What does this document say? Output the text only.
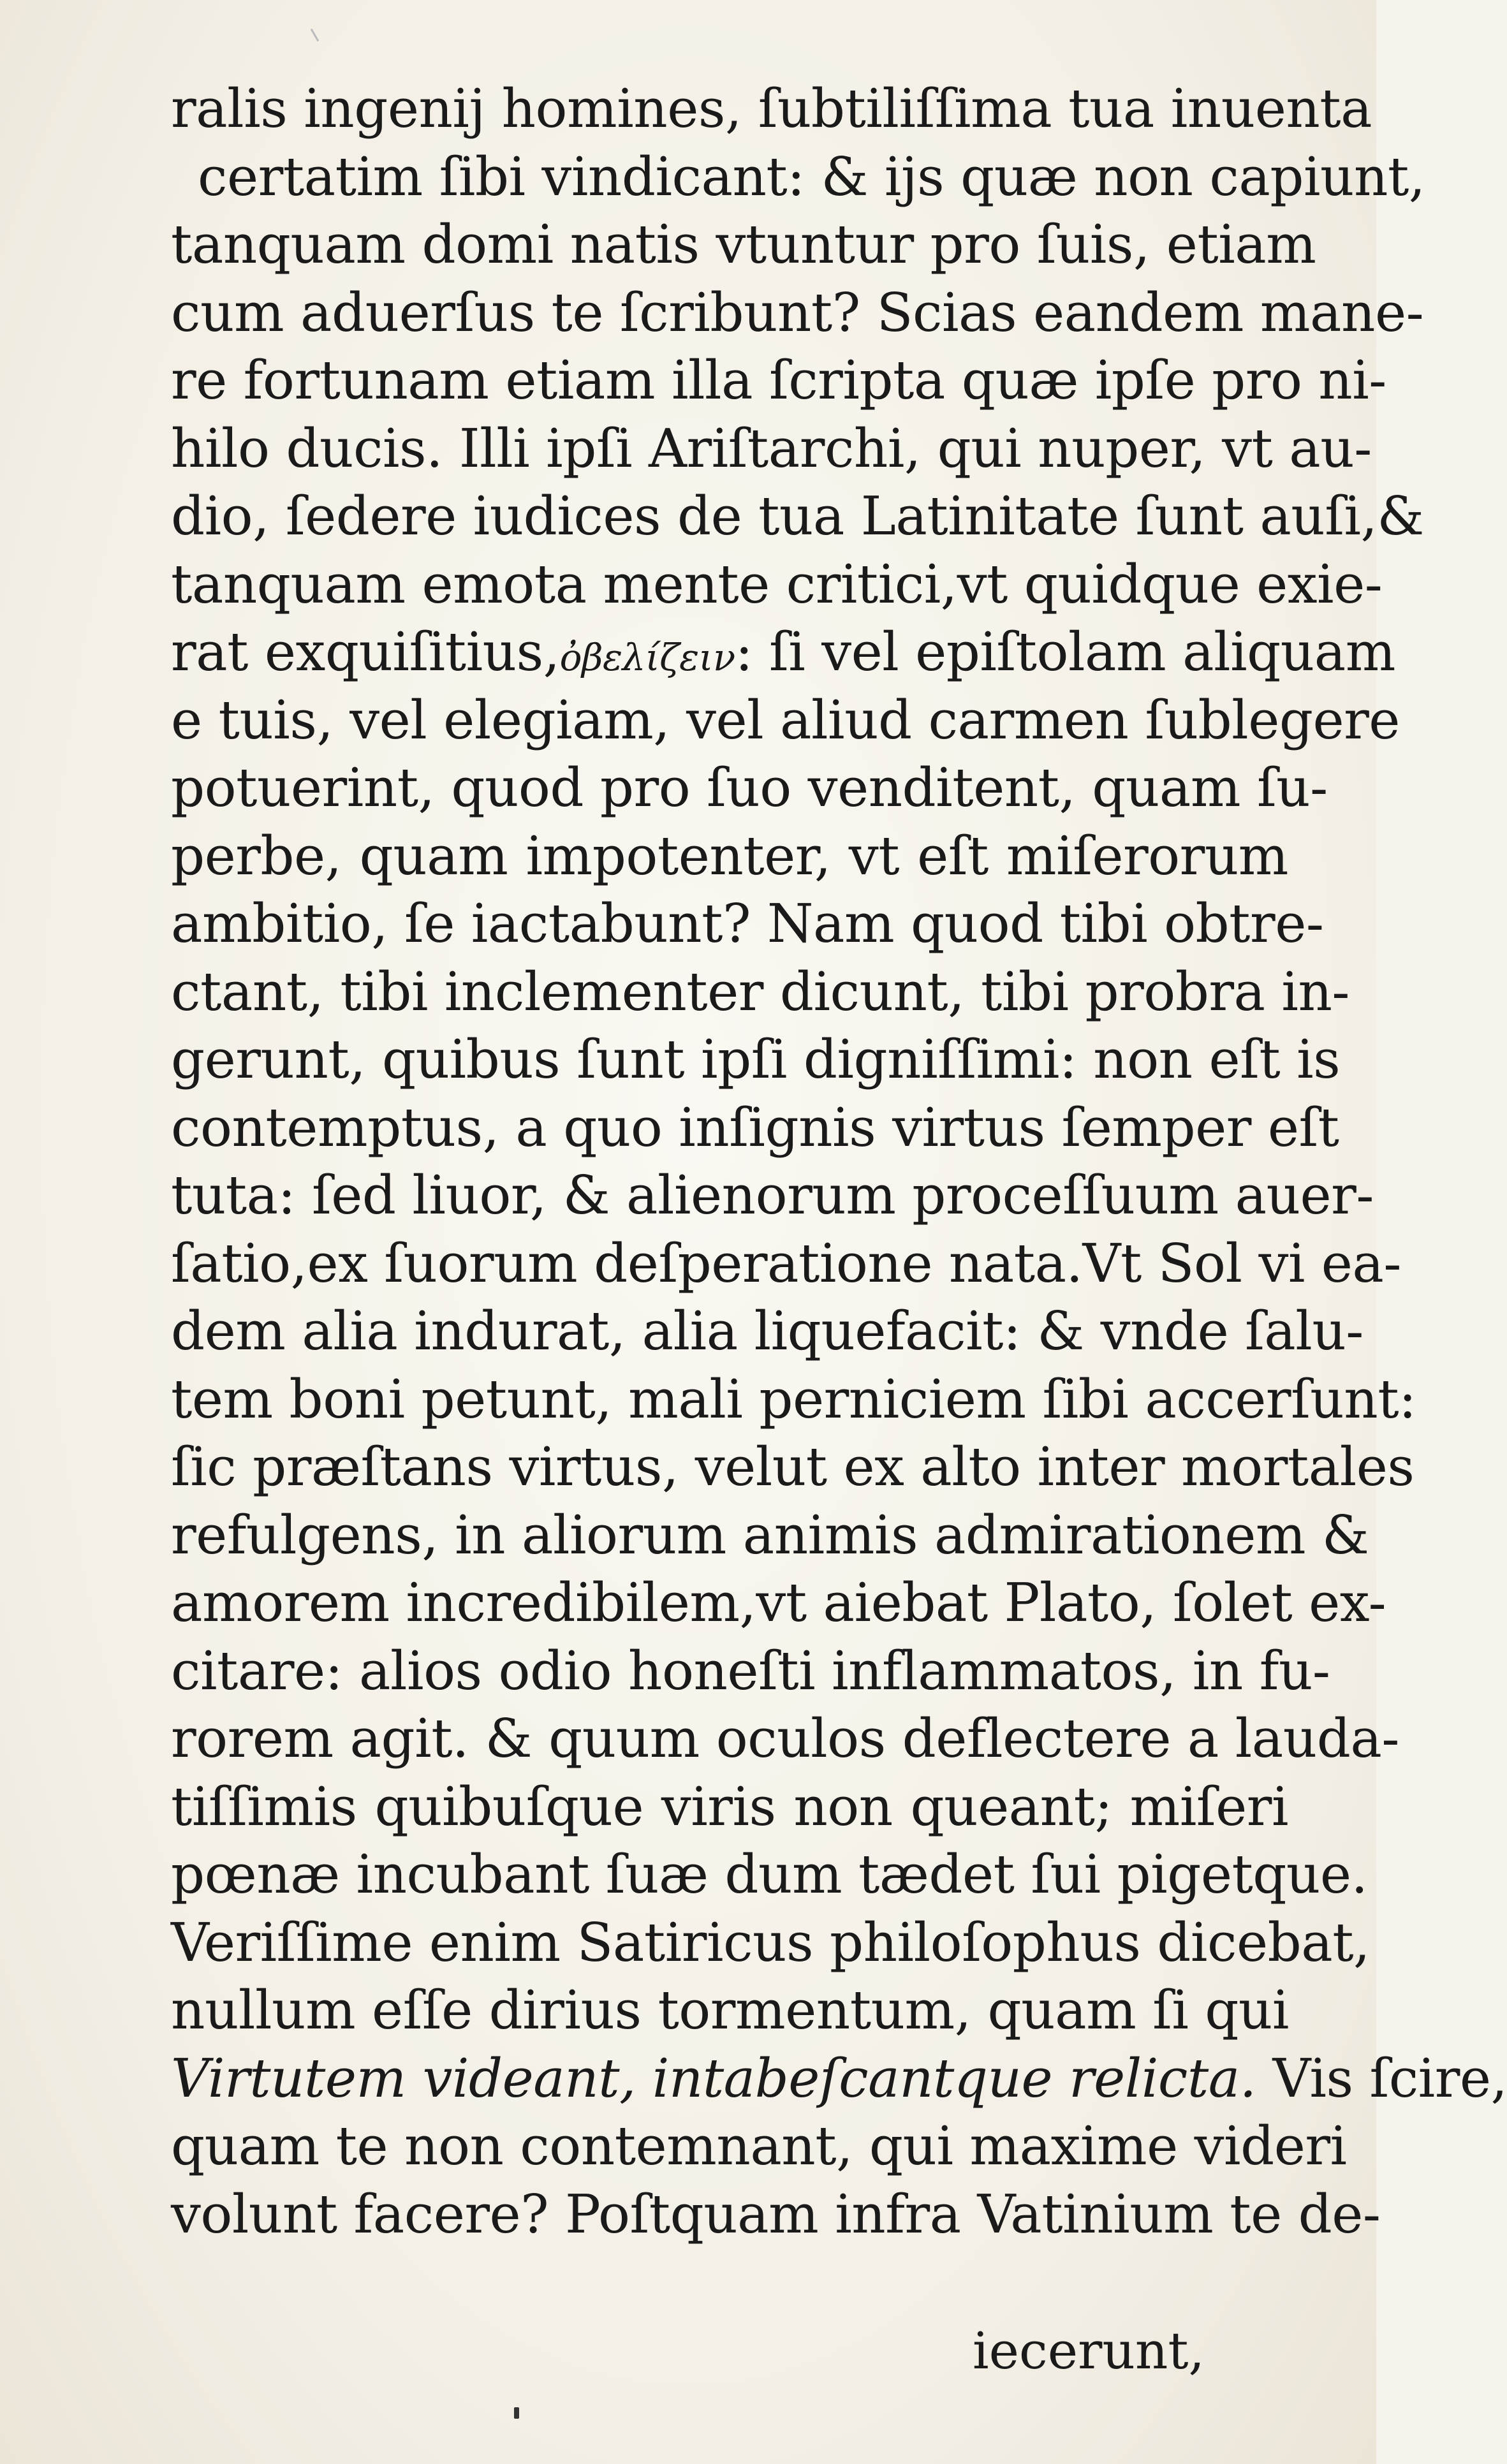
ralis ingenij homines, ſubtiliſſima tua inuenta
certatim ſibi vindicant: & ijs quæ non capiunt,
tanquam domi natis vtuntur pro ſuis, etiam
cum aduerſus te ſcribunt? Scias eandem mane-
re fortunam etiam illa ſcripta quæ ipſe pro ni-
hilo ducis. Illi ipſi Ariſtarchi, qui nuper, vt au-
dio, ſedere iudices de tua Latinitate ſunt auſi,&
tanquam emota mente critici,vt quidque exie-
rat exquiſitius,ὀβελίζειν: ſi vel epiſtolam aliquam
e tuis, vel elegiam, vel aliud carmen ſublegere
potuerint, quod pro ſuo venditent, quam ſu-
perbe, quam impotenter, vt eſt miſerorum
ambitio, ſe iactabunt? Nam quod tibi obtre-
ctant, tibi inclementer dicunt, tibi probra in-
gerunt, quibus ſunt ipſi digniſſimi: non eſt is
contemptus, a quo inſignis virtus ſemper eſt
tuta: ſed liuor, & alienorum proceſſuum auer-
ſatio,ex ſuorum deſperatione nata.Vt Sol vi ea-
dem alia indurat, alia liquefacit: & vnde ſalu-
tem boni petunt, mali perniciem ſibi accerſunt:
ſic præſtans virtus, velut ex alto inter mortales
refulgens, in aliorum animis admirationem &
amorem incredibilem,vt aiebat Plato, ſolet ex-
citare: alios odio honeſti inflammatos, in fu-
rorem agit. & quum oculos deflectere a lauda-
tiſſimis quibuſque viris non queant; miſeri
pœnæ incubant ſuæ dum tædet ſui pigetque.
Veriſſime enim Satiricus philoſophus dicebat,
nullum eſſe dirius tormentum, quam ſi qui
Virtutem videant, intabeſcantque relicta. Vis ſcire,
quam te non contemnant, qui maxime videri
volunt facere? Poſtquam infra Vatinium te de-
iecerunt,
